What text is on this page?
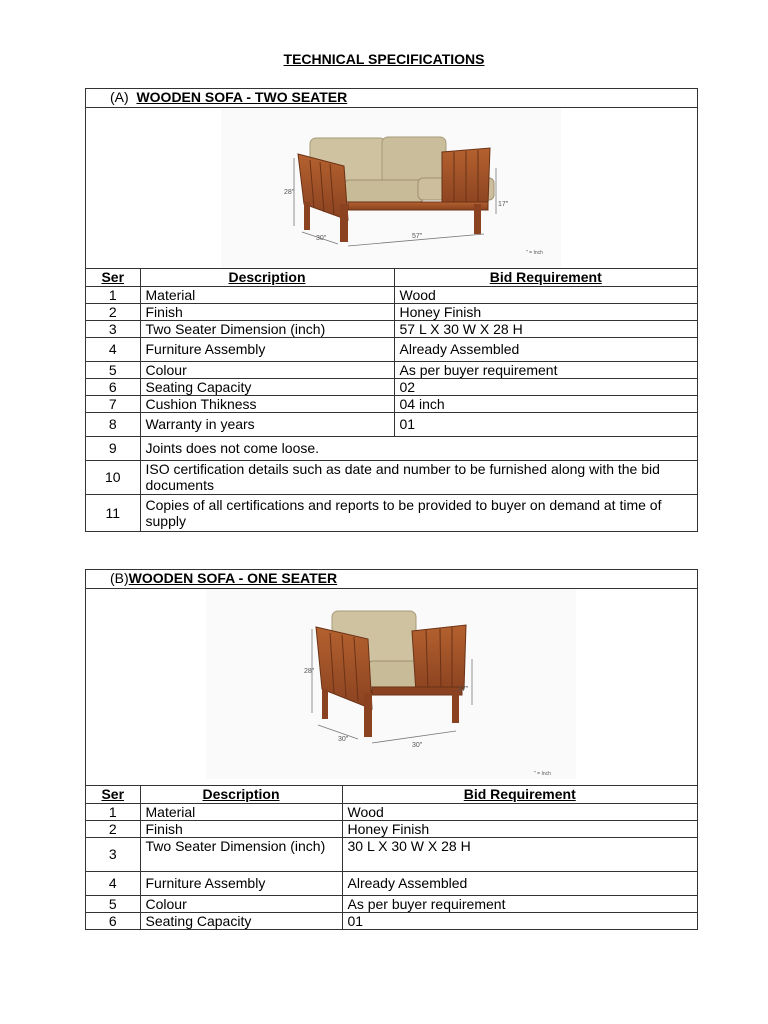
TECHNICAL SPECIFICATIONS
(A) WOODEN SOFA - TWO SEATER
28"
17"
30"	57"
" = Inch
Ser	Description	Bid Requirement
1	Material	Wood
2	Finish	Honey Finish
3	Two Seater Dimension (inch)	57 L X 30 W X 28 H
4	Furniture Assembly	Already Assembled
5	Colour	As per buyer requirement
6	Seating Capacity	02
7	Cushion Thikness	04 inch
8	Warranty in years	01
9	Joints does not come loose.	
10	ISO certification details such as date and number to be furnished along with the bid documents	
11	Copies of all certifications and reports to be provided to buyer on demand at time of supply	
(B)WOODEN SOFA - ONE SEATER
28"
17"
30"
30"
" = Inch
Ser	Description	Bid Requirement
1	Material	Wood
2	Finish	Honey Finish
3	Two Seater Dimension (inch)	30 L X 30 W X 28 H
4	Furniture Assembly	Already Assembled
5	Colour	As per buyer requirement
6	Seating Capacity	01
